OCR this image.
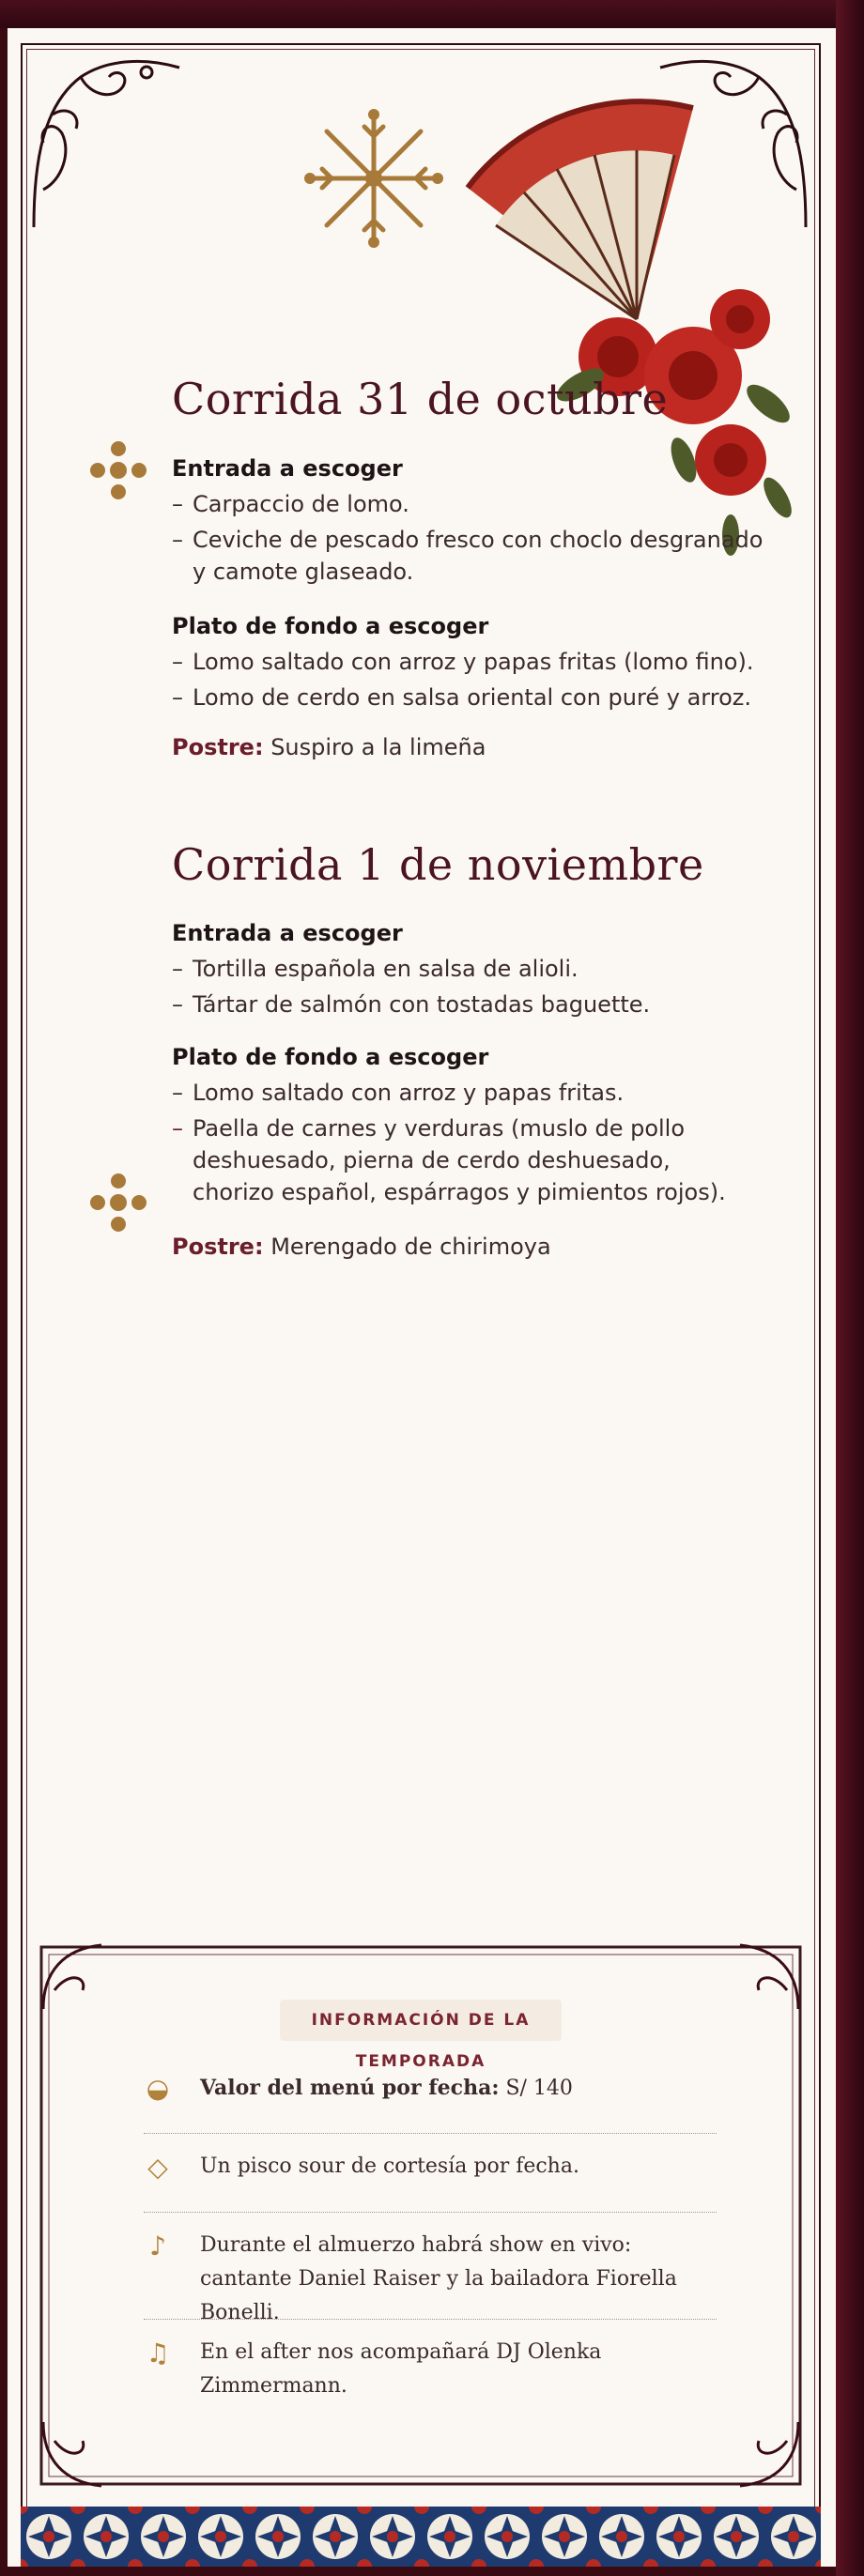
Corrida 31 de octubre
Entrada a escoger
– Carpaccio de lomo.
– Ceviche de pescado fresco con choclo desgranado y camote glaseado.
Plato de fondo a escoger
– Lomo saltado con arroz y papas fritas (lomo fino).
– Lomo de cerdo en salsa oriental con puré y arroz.
Postre: Suspiro a la limeña
Corrida 1 de noviembre
Entrada a escoger
– Tortilla española en salsa de alioli.
– Tártar de salmón con tostadas baguette.
Plato de fondo a escoger
– Lomo saltado con arroz y papas fritas.
– Paella de carnes y verduras (muslo de pollo deshuesado, pierna de cerdo deshuesado, chorizo español, espárragos y pimientos rojos).
Postre: Merengado de chirimoya
INFORMACIÓN DE LA TEMPORADA
◒ Valor del menú por fecha: S/ 140
◇ Un pisco sour de cortesía por fecha.
♪ Durante el almuerzo habrá show en vivo: cantante Daniel Raiser y la bailadora Fiorella Bonelli.
♫ En el after nos acompañará DJ Olenka Zimmermann.
